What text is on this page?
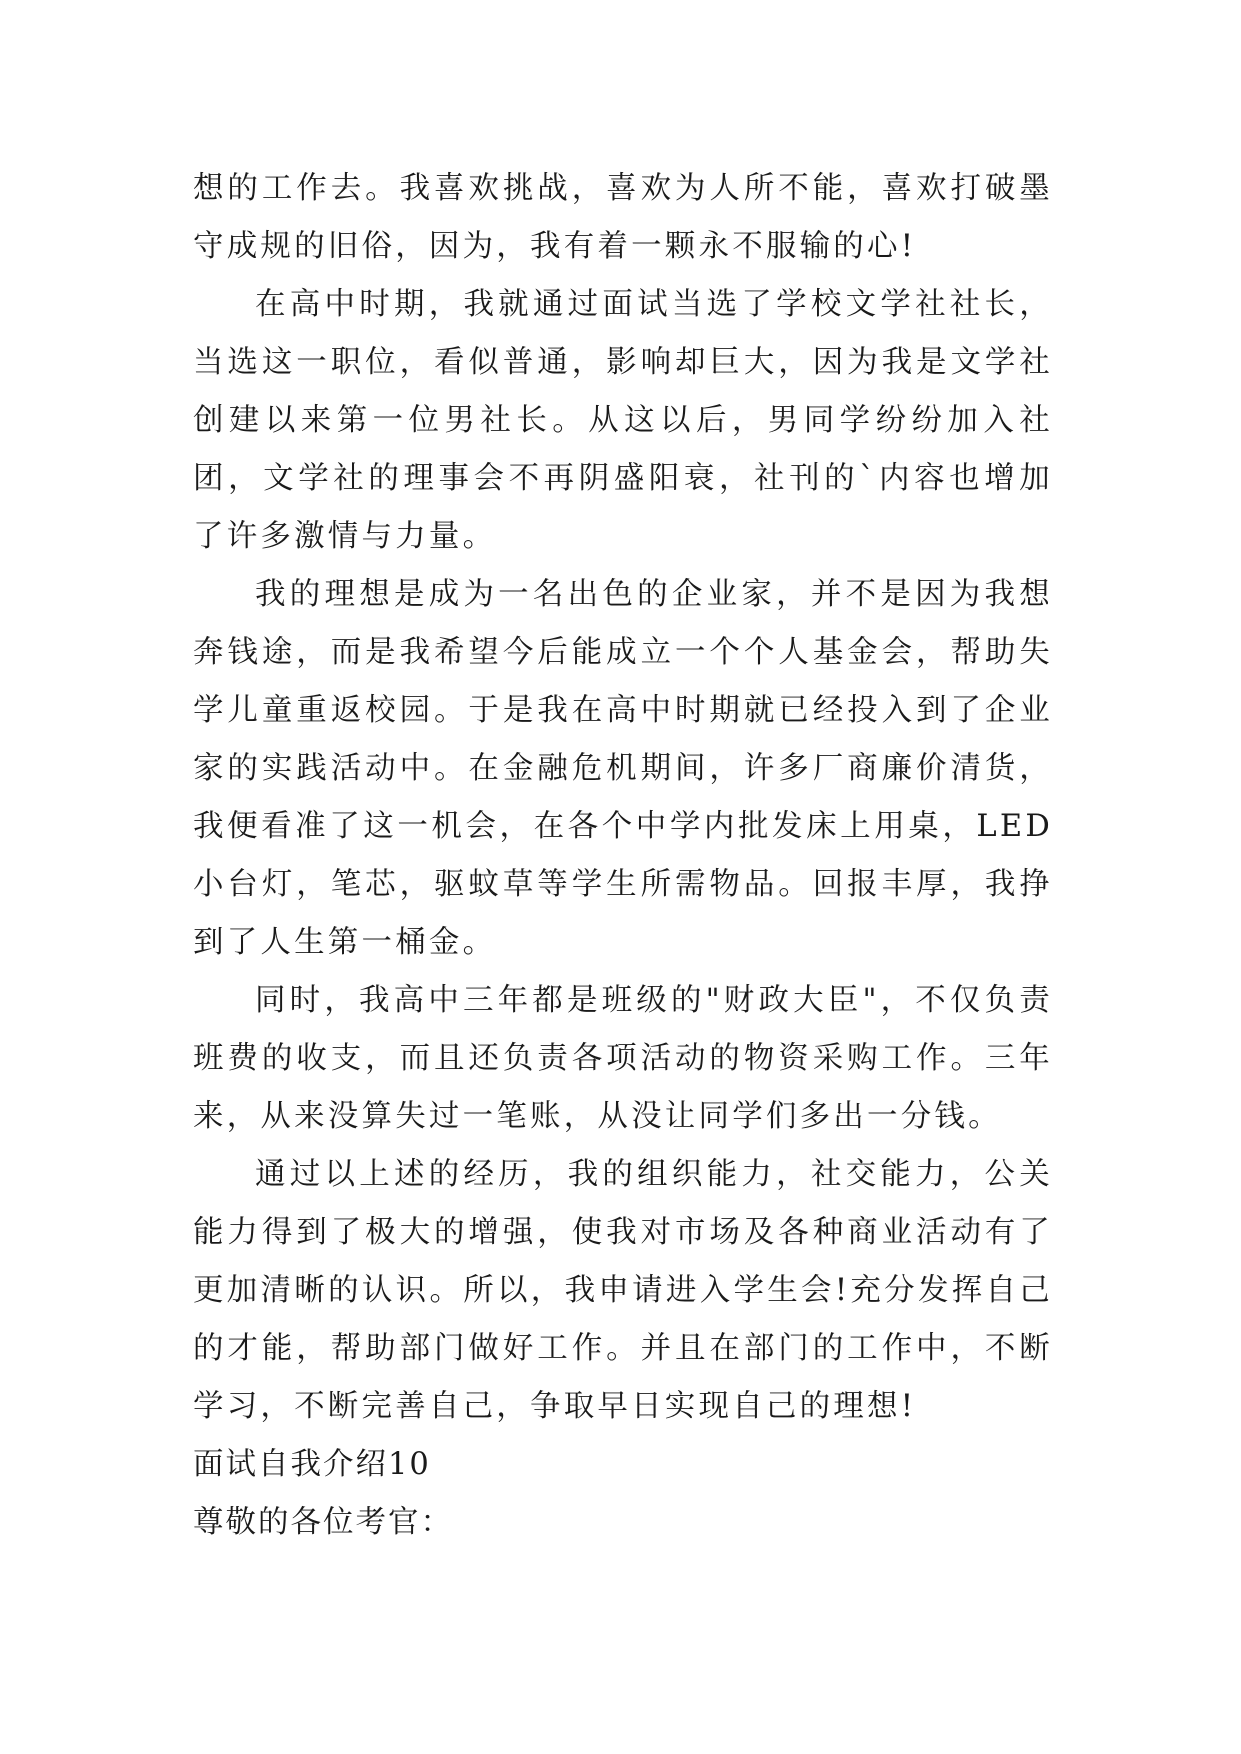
想的工作去。我喜欢挑战，喜欢为人所不能，喜欢打破墨守成规的旧俗，因为，我有着一颗永不服输的心!

在高中时期，我就通过面试当选了学校文学社社长，当选这一职位，看似普通，影响却巨大，因为我是文学社创建以来第一位男社长。从这以后，男同学纷纷加入社团，文学社的理事会不再阴盛阳衰，社刊的`内容也增加了许多激情与力量。

我的理想是成为一名出色的企业家，并不是因为我想奔钱途，而是我希望今后能成立一个个人基金会，帮助失学儿童重返校园。于是我在高中时期就已经投入到了企业家的实践活动中。在金融危机期间，许多厂商廉价清货，我便看准了这一机会，在各个中学内批发床上用桌，LED小台灯，笔芯，驱蚊草等学生所需物品。回报丰厚，我挣到了人生第一桶金。

同时，我高中三年都是班级的"财政大臣"，不仅负责班费的收支，而且还负责各项活动的物资采购工作。三年来，从来没算失过一笔账，从没让同学们多出一分钱。

通过以上述的经历，我的组织能力，社交能力，公关能力得到了极大的增强，使我对市场及各种商业活动有了更加清晰的认识。所以，我申请进入学生会!充分发挥自己的才能，帮助部门做好工作。并且在部门的工作中，不断学习，不断完善自己，争取早日实现自己的理想!

面试自我介绍10

尊敬的各位考官：
